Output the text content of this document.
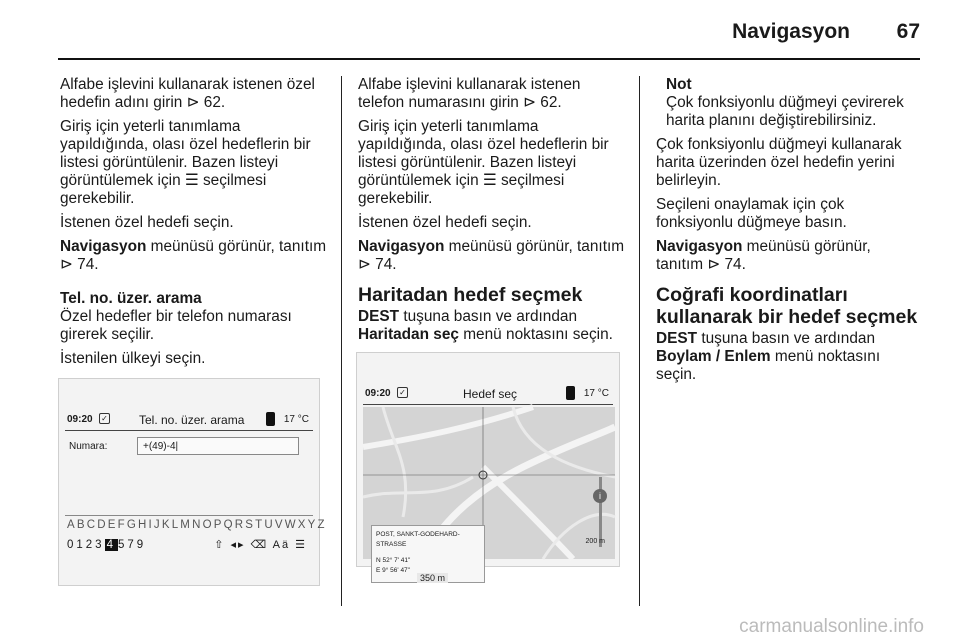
Navigasyon 67

Alfabe işlevini kullanarak istenen özel hedefin adını girin ⊳ 62.

Giriş için yeterli tanımlama yapıldığında, olası özel hedeflerin bir listesi görüntülenir. Bazen listeyi görüntülemek için ☰ seçilmesi gerekebilir.

İstenen özel hedefi seçin.

Navigasyon meünüsü görünür, tanıtım ⊳ 74.

Tel. no. üzer. arama
Özel hedefler bir telefon numarası girerek seçilir.

İstenilen ülkeyi seçin.

Alfabe işlevini kullanarak istenen telefon numarasını girin ⊳ 62.

Giriş için yeterli tanımlama yapıldığında, olası özel hedeflerin bir listesi görüntülenir. Bazen listeyi görüntülemek için ☰ seçilmesi gerekebilir.

İstenen özel hedefi seçin.

Navigasyon meünüsü görünür, tanıtım ⊳ 74.

Haritadan hedef seçmek

DEST tuşuna basın ve ardından Haritadan seç menü noktasını seçin.

Not

Çok fonksiyonlu düğmeyi çevirerek harita planını değiştirebilirsiniz.

Çok fonksiyonlu düğmeyi kullanarak harita üzerinden özel hedefin yerini belirleyin.

Seçileni onaylamak için çok fonksiyonlu düğmeye basın.

Navigasyon meünüsü görünür, tanıtım ⊳ 74.

Coğrafi koordinatları kullanarak bir hedef seçmek

DEST tuşuna basın ve ardından Boylam / Enlem menü noktasını seçin.

09:20 ✓	Tel. no. üzer. arama	17 °C
Numara:	+(49)-4|
ABCDEFGHIJKLMNOPQRSTUVWXYZ
0123 4 579	⇧ ◂▸ ⌫ Aä ☰
09:20 ✓	Hedef seç	17 °C
i
POST, SANKT-GODEHARD-STRASSE
N 52° 7' 41"
E 9° 56' 47"
350 m
200 m
carmanualsonline.info
